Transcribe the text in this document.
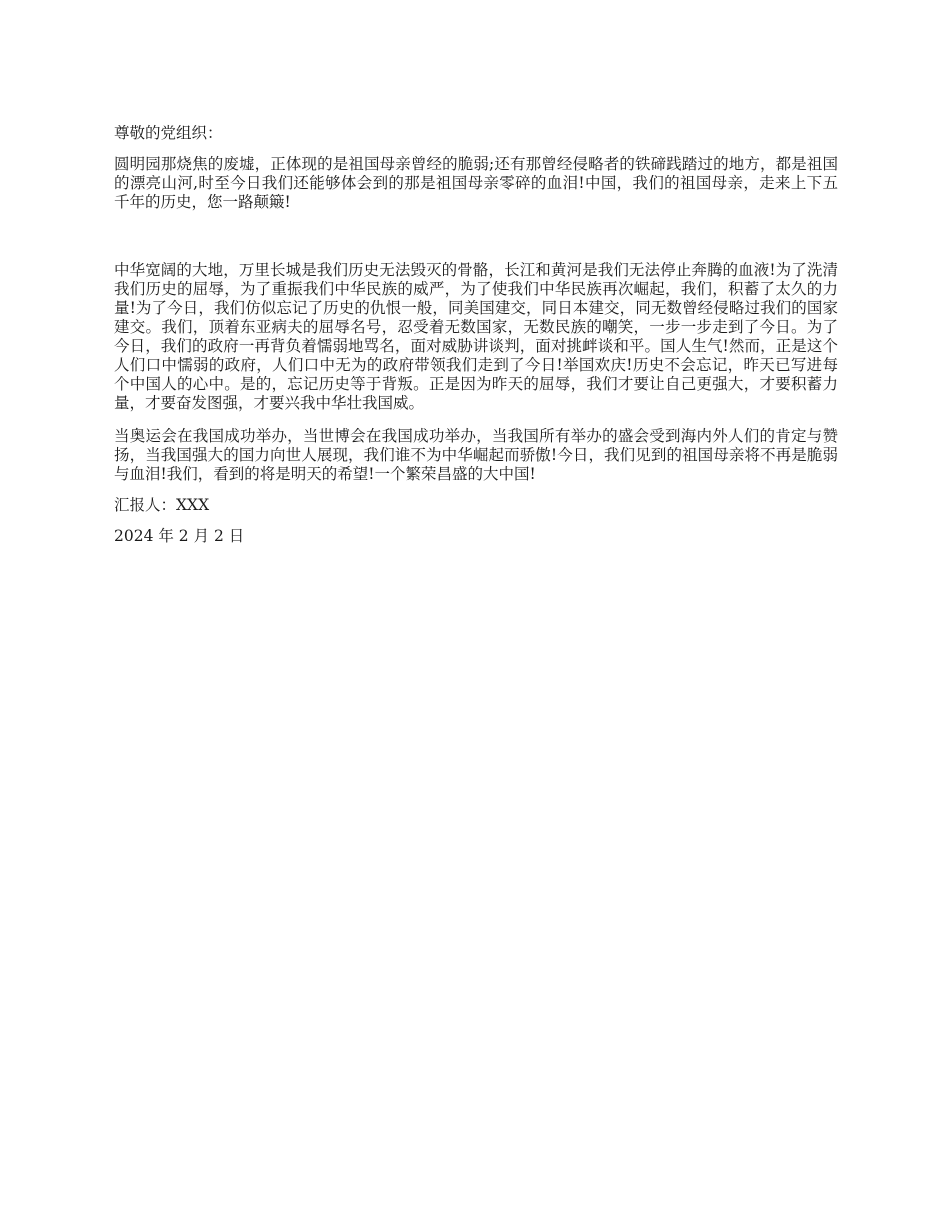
尊敬的党组织：

圆明园那烧焦的废墟，正体现的是祖国母亲曾经的脆弱;还有那曾经侵略者的铁碲践踏过的地方，都是祖国的漂亮山河,时至今日我们还能够体会到的那是祖国母亲零碎的血泪!中国，我们的祖国母亲，走来上下五千年的历史，您一路颠簸!

中华宽阔的大地，万里长城是我们历史无法毁灭的骨骼，长江和黄河是我们无法停止奔腾的血液!为了洗清我们历史的屈辱，为了重振我们中华民族的威严，为了使我们中华民族再次崛起，我们，积蓄了太久的力量!为了今日，我们仿似忘记了历史的仇恨一般，同美国建交，同日本建交，同无数曾经侵略过我们的国家建交。我们，顶着东亚病夫的屈辱名号，忍受着无数国家，无数民族的嘲笑，一步一步走到了今日。为了今日，我们的政府一再背负着懦弱地骂名，面对威胁讲谈判，面对挑衅谈和平。国人生气!然而，正是这个人们口中懦弱的政府，人们口中无为的政府带领我们走到了今日!举国欢庆!历史不会忘记，昨天已写进每个中国人的心中。是的，忘记历史等于背叛。正是因为昨天的屈辱，我们才要让自己更强大，才要积蓄力量，才要奋发图强，才要兴我中华壮我国威。

当奥运会在我国成功举办，当世博会在我国成功举办，当我国所有举办的盛会受到海内外人们的肯定与赞扬，当我国强大的国力向世人展现，我们谁不为中华崛起而骄傲!今日，我们见到的祖国母亲将不再是脆弱与血泪!我们，看到的将是明天的希望!一个繁荣昌盛的大中国!

汇报人：XXX

2024 年 2 月 2 日
